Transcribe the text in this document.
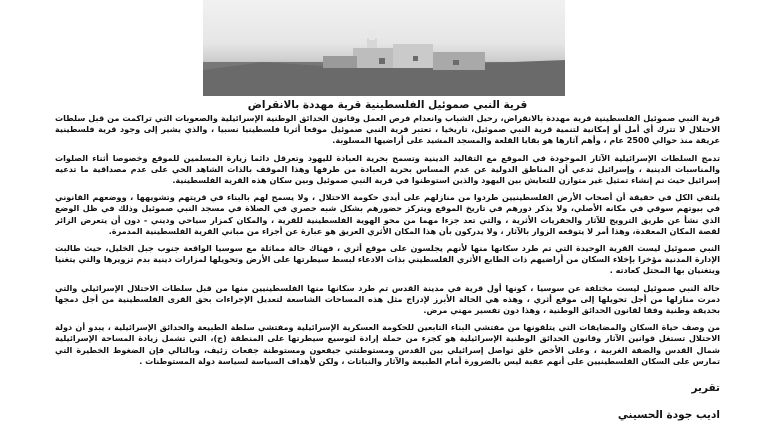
قرية النبي صموئيل الفلسطينية قرية مهددة بالانقراض

قرية النبي صموئيل الفلسطينية قرية مهددة بالانقراض، رحيل الشباب وانعدام فرص العمل وقانون الحدائق الوطنية الإسرائيلية والصعوبات التي تراكمت من قبل سلطات الاحتلال لا تترك أي أمل أو إمكانية لتنمية قرية النبي صموئيل، تاريخيا ، تعتبر قرية النبي صموئيل موقعا أثريا فلسطينيا نسبيا ، والذي يشير إلى وجود قرية فلسطينية عريقة منذ حوالي 2500 عام ، وأهم آثارها هو بقايا القلعة والمسجد المشيد على أراضيها المسلوبة.

تدمج السلطات الإسرائيلية الآثار الموجودة في الموقع مع التقاليد الدينية وتسمح بحرية العبادة لليهود وتعرقل دائما زيارة المسلمين للموقع وخصوصا أثناء الصلوات والمناسبات الدينية ، وإسرائيل تدعي أن المناطق الدولية عن عدم المساس بحرية العبادة من طرفها وهذا الموقف بالذات الشاهد الحي على عدم مصداقية ما تدعيه إسرائيل حيث تم إنشاء تمثيل غير متوازن للتعايش بين اليهود والذين استوطنوا في قرية النبي صموئيل وبين سكان هذه القرية الفلسطينية.

يلتقي الكل في حقيقة أن أصحاب الأرض الفلسطينيين طردوا من منازلهم على أيدي حكومة الاحتلال ، ولا يسمح لهم بالبناء في قريتهم وتشويهها ، ووضعهم القانوني في بيوتهم سوقي في مكانه الأصلي، ولا يذكر دورهم في تاريخ الموقع ويتركز حضورهم بشكل شبه حصري في الصلاة في مسجد النبي صموئيل وذلك في ظل الوضع الذي نشأ عن طريق الترويج للآثار والحفريات الأثرية ، والتي تعد جزءا مهما من محو الهوية الفلسطينية للقرية ، والمكان كمزار سياحي وديني - دون أن يتعرض الزائر لقصة المكان المعقدة، وهذا أمر لا يتوقعه الزوار بالآثار ، ولا يدركون بأن هذا المكان الأثري العريق هو عبارة عن أجزاء من مباني القرية الفلسطينية المدمرة.

النبي صموئيل ليست القرية الوحيدة التي تم طرد سكانها منها لأنهم يجلسون على موقع أثري ، فهناك حالة مماثلة مع سوسيا الواقعة جنوب جبل الخليل، حيث طالبت الإدارة المدنية مؤخرا بإخلاء السكان من أراضيهم ذات الطابع الأثري الفلسطيني بذات الادعاء لبسط سيطرتها على الأرض وتحويلها لمزارات دينية بدم تزويرها والتي يتغنيا ويتغنيان بها المحتل كعادته .

حالة النبي صموئيل ليست مختلفة عن سوسيا ، كونها أول قرية في مدينة القدس تم طرد سكانها منها الفلسطينيين منها من قبل سلطات الاحتلال الإسرائيلي والتي دمرت منازلها من أجل تحويلها إلى موقع أثري ، وهذه هي الحالة الأبرز لإدراج مثل هذه المساحات الشاسعة لتعديل الإجراءات بحق القرى الفلسطينية من أجل دمجها بحديقة وطنية وفقا لقانون الحدائق الوطنية ، وهذا دون تفسير مهني مرض.

من وصف حياة السكان والمضايقات التي يتلقونها من مفتشي البناء التابعين للحكومة العسكرية الإسرائيلية ومفتشي سلطة الطبيعة والحدائق الإسرائيلية ، يبدو أن دولة الاحتلال تستغل قوانين الآثار وقانون الحدائق الوطنية الإسرائيلية هو كجزء من حملة إرادة لتوسيع سيطرتها على المنطقة (ج)، التي تشمل زيادة المساحة الإسرائيلية شمال القدس والضفة الغربية ، وعلى الأخص خلق تواصل إسرائيلي بين القدس ومستوطنتي جيفعون ومستوطنة جفعات زئيف، وبالتالي فإن الضغوط الخطيرة التي تمارس على السكان الفلسطينيين على أنهم عقبة ليس بالضرورة أمام الطبيعة والآثار والنباتات ، ولكن لأهداف السياسة لسياسة دولة المستوطنات .

تقرير
اديب جودة الحسيني
